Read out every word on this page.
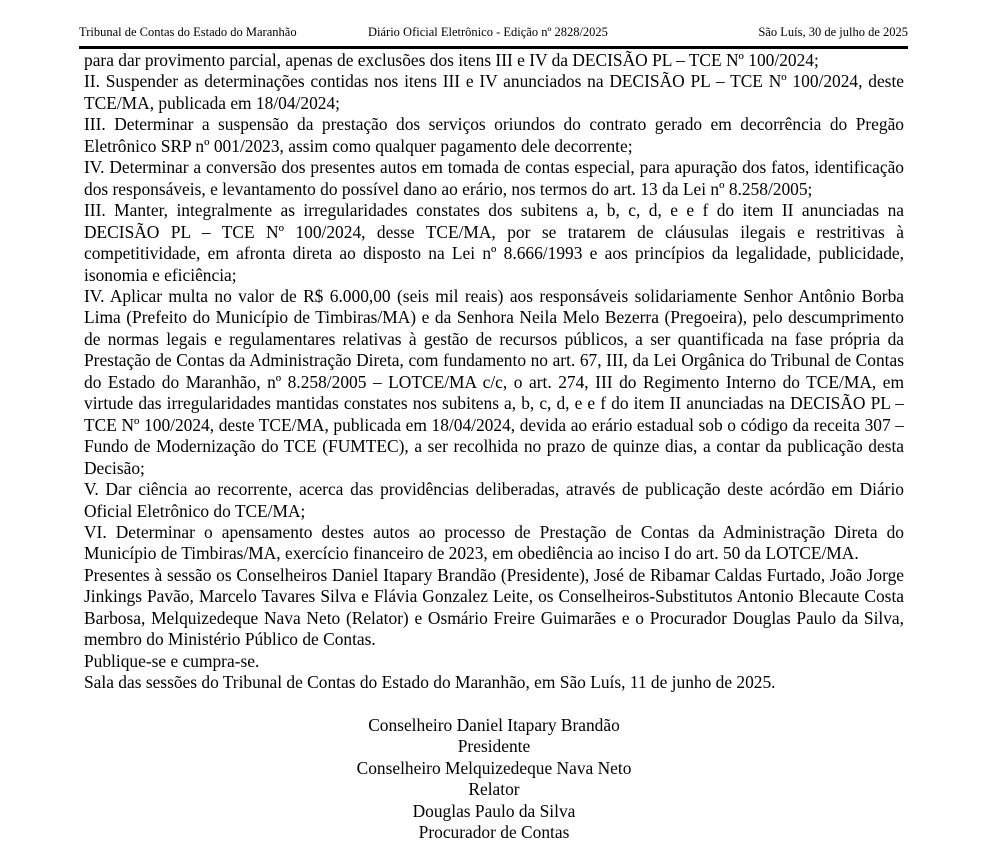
Tribunal de Contas do Estado do Maranhão	Diário Oficial Eletrônico - Edição nº 2828/2025	São Luís, 30 de julho de 2025

para dar provimento parcial, apenas de exclusões dos itens III e IV da DECISÃO PL – TCE Nº 100/2024;

II. Suspender as determinações contidas nos itens III e IV anunciados na DECISÃO PL – TCE Nº 100/2024, deste TCE/MA, publicada em 18/04/2024;

III. Determinar a suspensão da prestação dos serviços oriundos do contrato gerado em decorrência do Pregão Eletrônico SRP nº 001/2023, assim como qualquer pagamento dele decorrente;

IV. Determinar a conversão dos presentes autos em tomada de contas especial, para apuração dos fatos, identificação dos responsáveis, e levantamento do possível dano ao erário, nos termos do art. 13 da Lei nº 8.258/2005;

III. Manter, integralmente as irregularidades constates dos subitens a, b, c, d, e e f do item II anunciadas na DECISÃO PL – TCE Nº 100/2024, desse TCE/MA, por se tratarem de cláusulas ilegais e restritivas à competitividade, em afronta direta ao disposto na Lei nº 8.666/1993 e aos princípios da legalidade, publicidade, isonomia e eficiência;

IV. Aplicar multa no valor de R$ 6.000,00 (seis mil reais) aos responsáveis solidariamente Senhor Antônio Borba Lima (Prefeito do Município de Timbiras/MA) e da Senhora Neila Melo Bezerra (Pregoeira), pelo descumprimento de normas legais e regulamentares relativas à gestão de recursos públicos, a ser quantificada na fase própria da Prestação de Contas da Administração Direta, com fundamento no art. 67, III, da Lei Orgânica do Tribunal de Contas do Estado do Maranhão, nº 8.258/2005 – LOTCE/MA c/c, o art. 274, III do Regimento Interno do TCE/MA, em virtude das irregularidades mantidas constates nos subitens a, b, c, d, e e f do item II anunciadas na DECISÃO PL – TCE Nº 100/2024, deste TCE/MA, publicada em 18/04/2024, devida ao erário estadual sob o código da receita 307 – Fundo de Modernização do TCE (FUMTEC), a ser recolhida no prazo de quinze dias, a contar da publicação desta Decisão;

V. Dar ciência ao recorrente, acerca das providências deliberadas, através de publicação deste acórdão em Diário Oficial Eletrônico do TCE/MA;

VI. Determinar o apensamento destes autos ao processo de Prestação de Contas da Administração Direta do Município de Timbiras/MA, exercício financeiro de 2023, em obediência ao inciso I do art. 50 da LOTCE/MA.

Presentes à sessão os Conselheiros Daniel Itapary Brandão (Presidente), José de Ribamar Caldas Furtado, João Jorge Jinkings Pavão, Marcelo Tavares Silva e Flávia Gonzalez Leite, os Conselheiros-Substitutos Antonio Blecaute Costa Barbosa, Melquizedeque Nava Neto (Relator) e Osmário Freire Guimarães e o Procurador Douglas Paulo da Silva, membro do Ministério Público de Contas.

Publique-se e cumpra-se.

Sala das sessões do Tribunal de Contas do Estado do Maranhão, em São Luís, 11 de junho de 2025.

Conselheiro Daniel Itapary Brandão
Presidente
Conselheiro Melquizedeque Nava Neto
Relator
Douglas Paulo da Silva
Procurador de Contas
